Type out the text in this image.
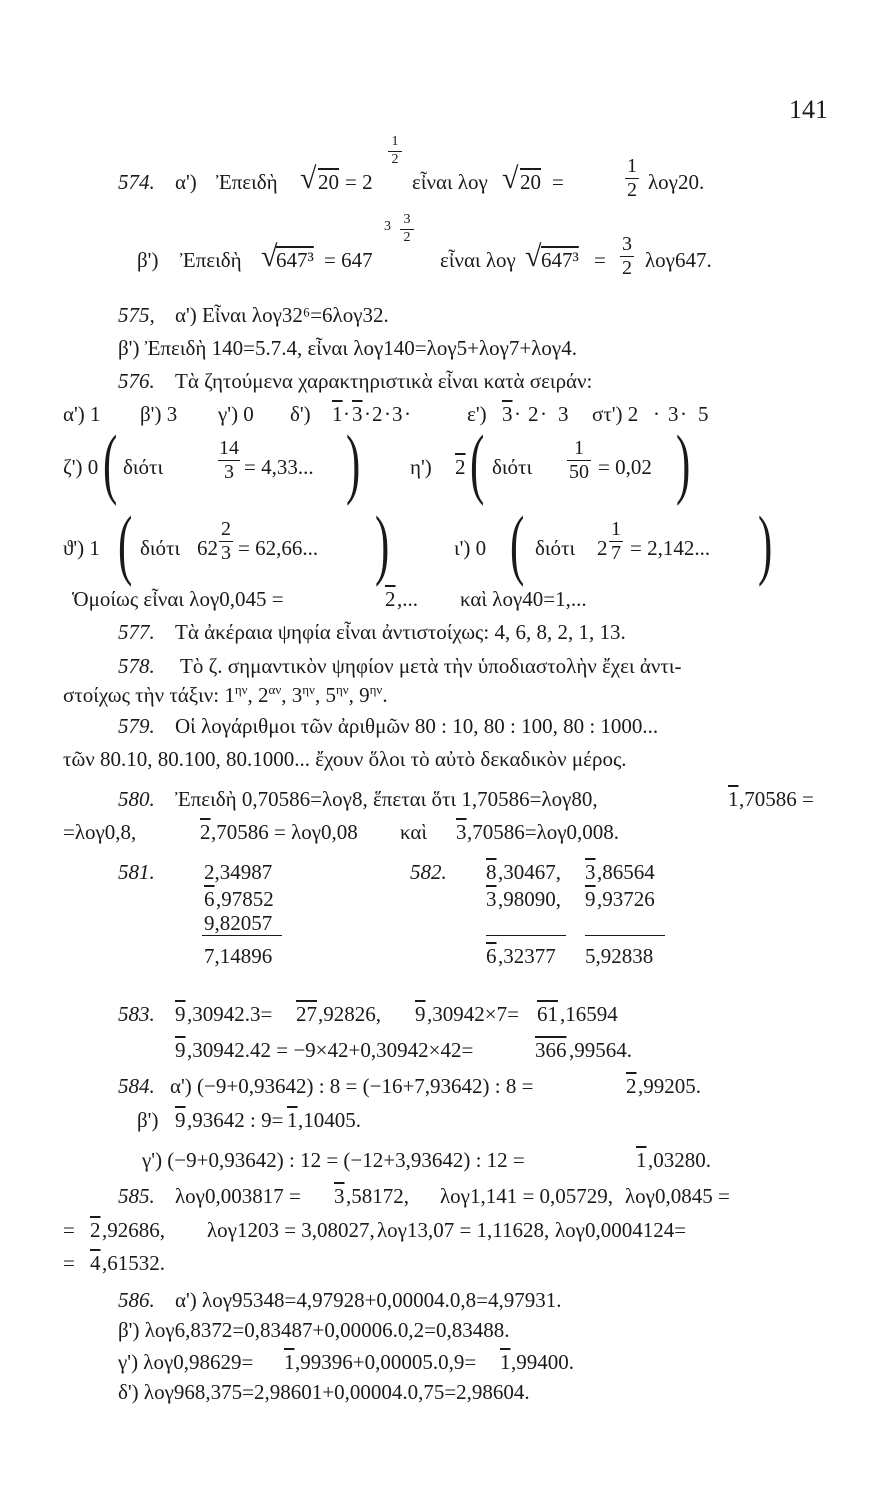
141
574. α') Ἐπειδὴ √ 20 = 2
$\frac{1}{2}$
εἶναι λογ √ 20 =	$\frac{1}{2} \lambda o\gamma 20$.
β') Ἐπειδὴ √
647³ = 647
$3 \frac{3}{2}$
εἶναι λογ √ $647^3 = \frac{3}{2} \lambda o\gamma 647$.
575, α') Εἶναι λογ32⁶=6λογ32.
β') Ἐπειδὴ 140=5.7.4, εἶναι λογ140=λογ5+λογ7+λογ4.
576. Τὰ ζητούμενα χαρακτηριστικὰ εἶναι κατὰ σειράν:
α') 1 β') 3 γ') 0 δ') 1 · 3 · 2 · 3 ·	ε') 3 · 2 · 3 στ') 2 · 3 · 5
ζ') 0 ( διότι	$\frac{14}{3} = 4,33$... ) η') 2 ( διότι $\frac{1}{50} = 0,02$ )
ϑ') 1 ( διότι $62 \frac{2}{3} = 62,66$... )	ι') 0 ( διότι $2 \frac{1}{7} = 2,142$... )
Ὁμοίως εἶναι λογ0,045 =	2 ,... καὶ λογ40=1,...
577. Τὰ ἀκέραια ψηφία εἶναι ἀντιστοίχως: 4, 6, 8, 2, 1, 13.
578. Τὸ ζ. σημαντικὸν ψηφίον μετὰ τὴν ὑποδιαστολὴν ἔχει ἀντι-
στοίχως τὴν τάξιν: $1^{\eta\nu}$, $2^{\alpha\nu}$, $3^{\eta\nu}$, $5^{\eta\nu}$, $9^{\eta\nu}$.
579. Οἱ λογάριθμοι τῶν ἀριθμῶν 80 : 10, 80 : 100, 80 : 1000...
τῶν 80.10, 80.100, 80.1000... ἔχουν ὅλοι τὸ αὐτὸ δεκαδικὸν μέρος.
580. Ἐπειδὴ 0,70586=λογ8, ἕπεται ὅτι 1,70586=λογ80,	1 ,70586 =
=λογ0,8,	2 ,70586 = λογ0,08 καὶ 3 ,70586=λογ0,008.
581. 2,34987	582. 8 ,30467, 3 ,86564
6 ,97852	3 ,98090, 9 ,93726
9,82057
7,14896	6 ,32377 5,92838
583. 9 ,30942.3= 27 ,92826, 9 ,30942×7= 61 ,16594
9 ,30942.42 = −9×42+0,30942×42=	366 ,99564.
584. α') (−9+0,93642) : 8 = (−16+7,93642) : 8 =	2 ,99205.
β') 9 ,93642 : 9= 1 ,10405.
γ') (−9+0,93642) : 12 = (−12+3,93642) : 12 =	1 ,03280.
585. λογ0,003817 = 3 ,58172, λογ1,141 = 0,05729, λογ0,0845 =
= 2 ,92686, λογ1203 = 3,08027, λογ13,07 = 1,11628, λογ0,0004124=
= 4 ,61532.
586. α') λογ95348=4,97928+0,00004.0,8=4,97931.
β') λογ6,8372=0,83487+0,00006.0,2=0,83488.
γ') λογ0,98629= 1 ,99396+0,00005.0,9= 1 ,99400.
δ') λογ968,375=2,98601+0,00004.0,75=2,98604.
